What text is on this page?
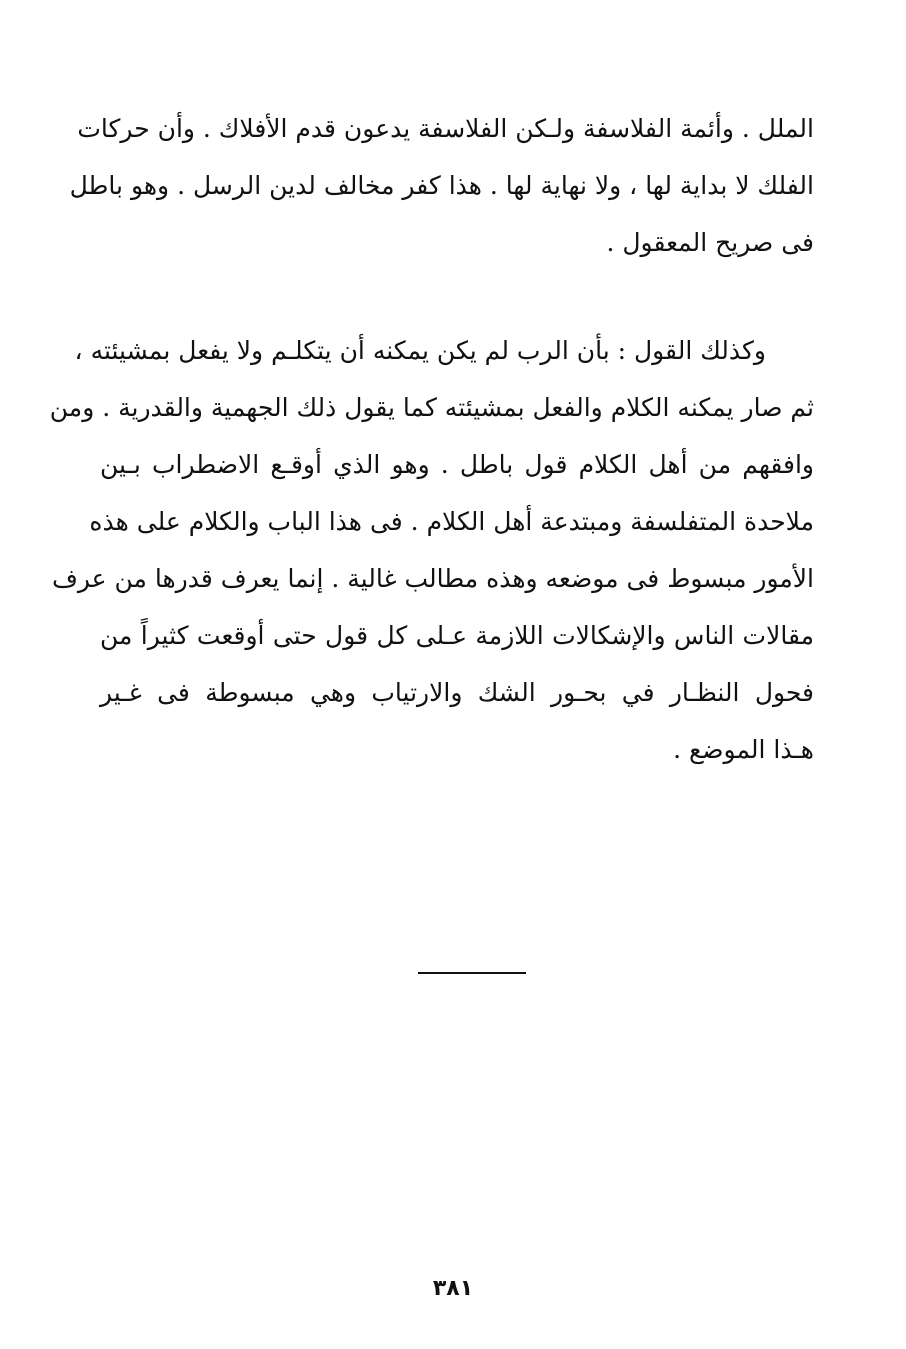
الملل . وأئمة الفلاسفة ولـكن الفلاسفة يدعون قدم الأفلاك . وأن حركات
الفلك لا بداية لها ، ولا نهاية لها . هذا كفر مخالف لدين الرسل . وهو باطل
فى صريح المعقول .
وكذلك القول : بأن الرب لم يكن يمكنه أن يتكلـم ولا يفعل بمشيئته ،
ثم صار يمكنه الكلام والفعل بمشيئته كما يقول ذلك الجهمية والقدرية . ومن
وافقهم من أهل الكلام قول باطل . وهو الذي أوقـع الاضطراب بـين
ملاحدة المتفلسفة ومبتدعة أهل الكلام . فى هذا الباب والكلام على هذه
الأمور مبسوط فى موضعه وهذه مطالب غالية . إنما يعرف قدرها من عرف
مقالات الناس والإشكالات اللازمة عـلى كل قول حتى أوقعت كثيراً من
فحول النظـار في بحـور الشك والارتياب وهي مبسوطة فى غـير
هـذا الموضع .
٣٨١
